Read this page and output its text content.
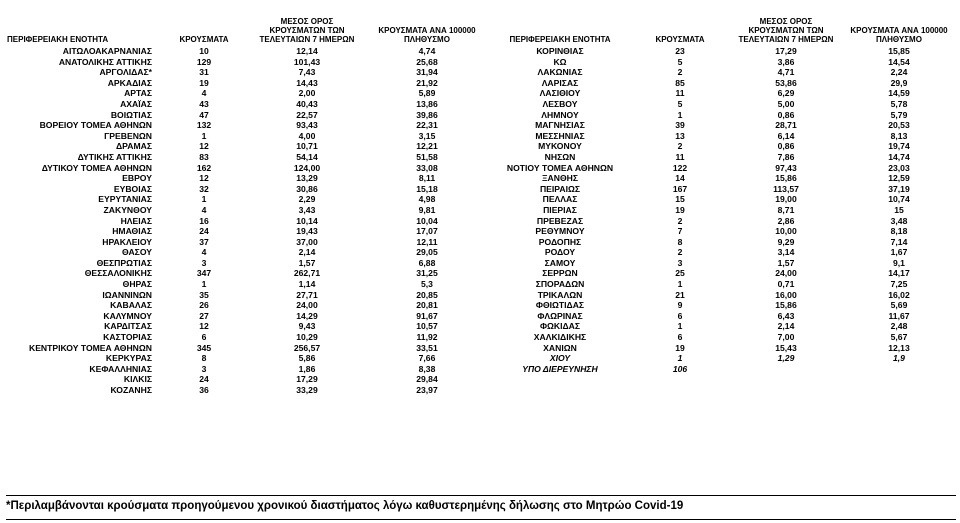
ΠΕΡΙΦΕΡΕΙΑΚΗ ΕΝΟΤΗΤΑ	ΚΡΟΥΣΜΑΤΑ	ΜΕΣΟΣ ΟΡΟΣ
ΚΡΟΥΣΜΑΤΩΝ ΤΩΝ
ΤΕΛΕΥΤΑΙΩΝ 7 ΗΜΕΡΩΝ	ΚΡΟΥΣΜΑΤΑ ΑΝΑ 100000
ΠΛΗΘΥΣΜΟ
ΑΙΤΩΛΟΑΚΑΡΝΑΝΙΑΣ	10	12,14	4,74
ΑΝΑΤΟΛΙΚΗΣ ΑΤΤΙΚΗΣ	129	101,43	25,68
ΑΡΓΟΛΙΔΑΣ*	31	7,43	31,94
ΑΡΚΑΔΙΑΣ	19	14,43	21,92
ΑΡΤΑΣ	4	2,00	5,89
ΑΧΑΪΑΣ	43	40,43	13,86
ΒΟΙΩΤΙΑΣ	47	22,57	39,86
ΒΟΡΕΙΟΥ ΤΟΜΕΑ ΑΘΗΝΩΝ	132	93,43	22,31
ΓΡΕΒΕΝΩΝ	1	4,00	3,15
ΔΡΑΜΑΣ	12	10,71	12,21
ΔΥΤΙΚΗΣ ΑΤΤΙΚΗΣ	83	54,14	51,58
ΔΥΤΙΚΟΥ ΤΟΜΕΑ ΑΘΗΝΩΝ	162	124,00	33,08
ΕΒΡΟΥ	12	13,29	8,11
ΕΥΒΟΙΑΣ	32	30,86	15,18
ΕΥΡΥΤΑΝΙΑΣ	1	2,29	4,98
ΖΑΚΥΝΘΟΥ	4	3,43	9,81
ΗΛΕΙΑΣ	16	10,14	10,04
ΗΜΑΘΙΑΣ	24	19,43	17,07
ΗΡΑΚΛΕΙΟΥ	37	37,00	12,11
ΘΑΣΟΥ	4	2,14	29,05
ΘΕΣΠΡΩΤΙΑΣ	3	1,57	6,88
ΘΕΣΣΑΛΟΝΙΚΗΣ	347	262,71	31,25
ΘΗΡΑΣ	1	1,14	5,3
ΙΩΑΝΝΙΝΩΝ	35	27,71	20,85
ΚΑΒΑΛΑΣ	26	24,00	20,81
ΚΑΛΥΜΝΟΥ	27	14,29	91,67
ΚΑΡΔΙΤΣΑΣ	12	9,43	10,57
ΚΑΣΤΟΡΙΑΣ	6	10,29	11,92
ΚΕΝΤΡΙΚΟΥ ΤΟΜΕΑ ΑΘΗΝΩΝ	345	256,57	33,51
ΚΕΡΚΥΡΑΣ	8	5,86	7,66
ΚΕΦΑΛΛΗΝΙΑΣ	3	1,86	8,38
ΚΙΛΚΙΣ	24	17,29	29,84
ΚΟΖΑΝΗΣ	36	33,29	23,97
ΠΕΡΙΦΕΡΕΙΑΚΗ ΕΝΟΤΗΤΑ	ΚΡΟΥΣΜΑΤΑ	ΜΕΣΟΣ ΟΡΟΣ
ΚΡΟΥΣΜΑΤΩΝ ΤΩΝ
ΤΕΛΕΥΤΑΙΩΝ 7 ΗΜΕΡΩΝ	ΚΡΟΥΣΜΑΤΑ ΑΝΑ 100000
ΠΛΗΘΥΣΜΟ
ΚΟΡΙΝΘΙΑΣ	23	17,29	15,85
ΚΩ	5	3,86	14,54
ΛΑΚΩΝΙΑΣ	2	4,71	2,24
ΛΑΡΙΣΑΣ	85	53,86	29,9
ΛΑΣΙΘΙΟΥ	11	6,29	14,59
ΛΕΣΒΟΥ	5	5,00	5,78
ΛΗΜΝΟΥ	1	0,86	5,79
ΜΑΓΝΗΣΙΑΣ	39	28,71	20,53
ΜΕΣΣΗΝΙΑΣ	13	6,14	8,13
ΜΥΚΟΝΟΥ	2	0,86	19,74
ΝΗΣΩΝ	11	7,86	14,74
ΝΟΤΙΟΥ ΤΟΜΕΑ ΑΘΗΝΩΝ	122	97,43	23,03
ΞΑΝΘΗΣ	14	15,86	12,59
ΠΕΙΡΑΙΩΣ	167	113,57	37,19
ΠΕΛΛΑΣ	15	19,00	10,74
ΠΙΕΡΙΑΣ	19	8,71	15
ΠΡΕΒΕΖΑΣ	2	2,86	3,48
ΡΕΘΥΜΝΟΥ	7	10,00	8,18
ΡΟΔΟΠΗΣ	8	9,29	7,14
ΡΟΔΟΥ	2	3,14	1,67
ΣΑΜΟΥ	3	1,57	9,1
ΣΕΡΡΩΝ	25	24,00	14,17
ΣΠΟΡΑΔΩΝ	1	0,71	7,25
ΤΡΙΚΑΛΩΝ	21	16,00	16,02
ΦΘΙΩΤΙΔΑΣ	9	15,86	5,69
ΦΛΩΡΙΝΑΣ	6	6,43	11,67
ΦΩΚΙΔΑΣ	1	2,14	2,48
ΧΑΛΚΙΔΙΚΗΣ	6	7,00	5,67
ΧΑΝΙΩΝ	19	15,43	12,13
ΧΙΟΥ	1	1,29	1,9
ΥΠΟ ΔΙΕΡΕΥΝΗΣΗ	106		
*Περιλαμβάνονται κρούσματα προηγούμενου χρονικού διαστήματος λόγω καθυστερημένης δήλωσης στο Μητρώο Covid-19
